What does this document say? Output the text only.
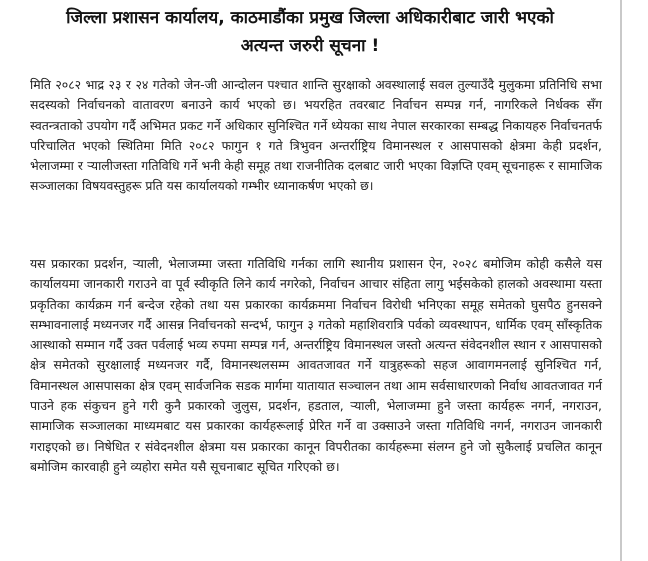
जिल्ला प्रशासन कार्यालय, काठमाडौंका प्रमुख जिल्ला अधिकारीबाट जारी भएको
अत्यन्त जरुरी सूचना !

मिति २०८२ भाद्र २३ र २४ गतेको जेन-जी आन्दोलन पश्चात शान्ति सुरक्षाको अवस्थालाई सवल तुल्याउँदै मुलुकमा प्रतिनिधि सभा सदस्यको निर्वाचनको वातावरण बनाउने कार्य भएको छ। भयरहित तवरबाट निर्वाचन सम्पन्न गर्न, नागरिकले निर्धक्क सँग स्वतन्त्रताको उपयोग गर्दै अभिमत प्रकट गर्ने अधिकार सुनिश्चित गर्ने ध्येयका साथ नेपाल सरकारका सम्बद्ध निकायहरु निर्वाचनतर्फ परिचालित भएको स्थितिमा मिति २०८२ फागुन १ गते त्रिभुवन अन्तर्राष्ट्रिय विमानस्थल र आसपासको क्षेत्रमा केही प्रदर्शन, भेलाजम्मा र ऱ्यालीजस्ता गतिविधि गर्ने भनी केही समूह तथा राजनीतिक दलबाट जारी भएका विज्ञप्ति एवम् सूचनाहरू र सामाजिक सञ्जालका विषयवस्तुहरू प्रति यस कार्यालयको गम्भीर ध्यानाकर्षण भएको छ।

यस प्रकारका प्रदर्शन, ऱ्याली, भेलाजम्मा जस्ता गतिविधि गर्नका लागि स्थानीय प्रशासन ऐन, २०२८ बमोजिम कोही कसैले यस कार्यालयमा जानकारी गराउने वा पूर्व स्वीकृति लिने कार्य नगरेको, निर्वाचन आचार संहिता लागु भईसकेको हालको अवस्थामा यस्ता प्रकृतिका कार्यक्रम गर्न बन्देज रहेको तथा यस प्रकारका कार्यक्रममा निर्वाचन विरोधी भनिएका समूह समेतको घुसपैठ हुनसक्ने सम्भावनालाई मध्यनजर गर्दै आसन्न निर्वाचनको सन्दर्भ, फागुन ३ गतेको महाशिवरात्रि पर्वको व्यवस्थापन, धार्मिक एवम् साँस्कृतिक आस्थाको सम्मान गर्दै उक्त पर्वलाई भव्य रुपमा सम्पन्न गर्न, अन्तर्राष्ट्रिय विमानस्थल जस्तो अत्यन्त संवेदनशील स्थान र आसपासको क्षेत्र समेतको सुरक्षालाई मध्यनजर गर्दै, विमानस्थलसम्म आवतजावत गर्ने यात्रुहरूको सहज आवागमनलाई सुनिश्चित गर्न, विमानस्थल आसपासका क्षेत्र एवम् सार्वजनिक सडक मार्गमा यातायात सञ्चालन तथा आम सर्वसाधारणको निर्वाध आवतजावत गर्न पाउने हक संकुचन हुने गरी कुनै प्रकारको जुलुस, प्रदर्शन, हडताल, ऱ्याली, भेलाजम्मा हुने जस्ता कार्यहरू नगर्न, नगराउन, सामाजिक सञ्जालका माध्यमबाट यस प्रकारका कार्यहरूलाई प्रेरित गर्ने वा उक्साउने जस्ता गतिविधि नगर्न, नगराउन जानकारी गराइएको छ। निषेधित र संवेदनशील क्षेत्रमा यस प्रकारका कानून विपरीतका कार्यहरूमा संलग्न हुने जो सुकैलाई प्रचलित कानून बमोजिम कारवाही हुने व्यहोरा समेत यसै सूचनाबाट सूचित गरिएको छ।
